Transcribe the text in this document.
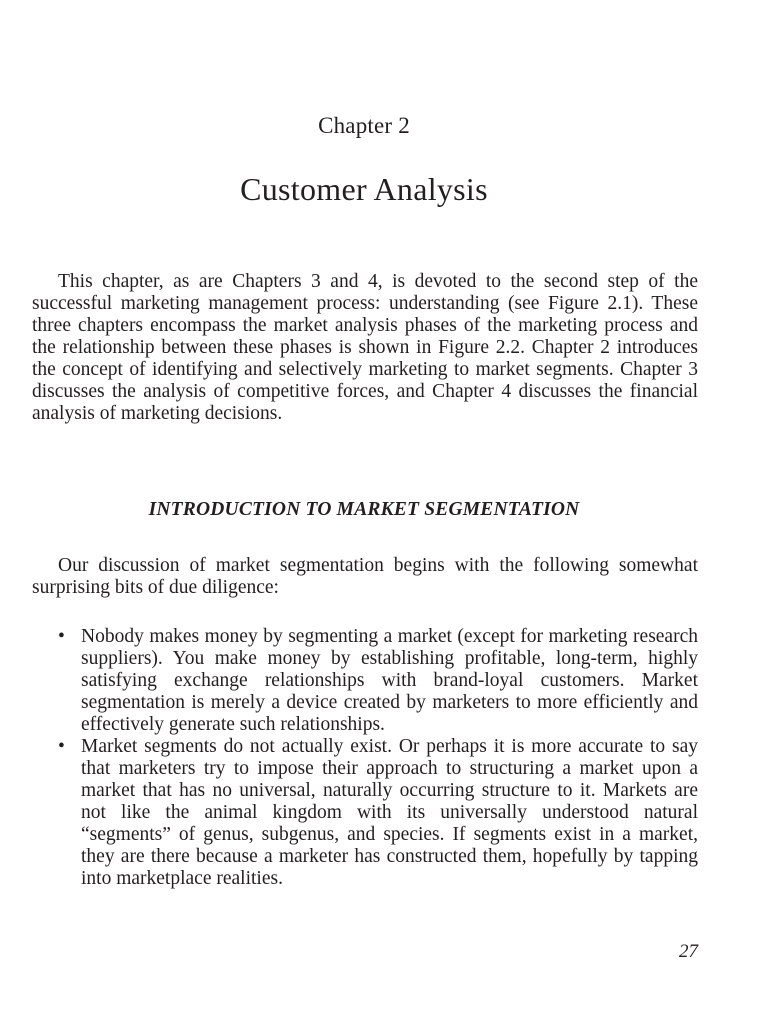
Chapter 2
Customer Analysis

This chapter, as are Chapters 3 and 4, is devoted to the second step of the successful marketing management process: understanding (see Figure 2.1). These three chapters encompass the market analysis phases of the marketing process and the relationship between these phases is shown in Figure 2.2. Chapter 2 introduces the concept of identifying and selectively marketing to market segments. Chapter 3 discusses the analysis of competitive forces, and Chapter 4 discusses the financial analysis of marketing decisions.

INTRODUCTION TO MARKET SEGMENTATION

Our discussion of market segmentation begins with the following somewhat surprising bits of due diligence:

• Nobody makes money by segmenting a market (except for marketing research suppliers). You make money by establishing profitable, long-term, highly satisfying exchange relationships with brand-loyal customers. Market segmentation is merely a device created by marketers to more efficiently and effectively generate such relationships.
• Market segments do not actually exist. Or perhaps it is more accurate to say that marketers try to impose their approach to structuring a market upon a market that has no universal, naturally occurring structure to it. Markets are not like the animal kingdom with its universally understood natural “segments” of genus, subgenus, and species. If segments exist in a market, they are there because a marketer has constructed them, hopefully by tapping into marketplace realities.
27
